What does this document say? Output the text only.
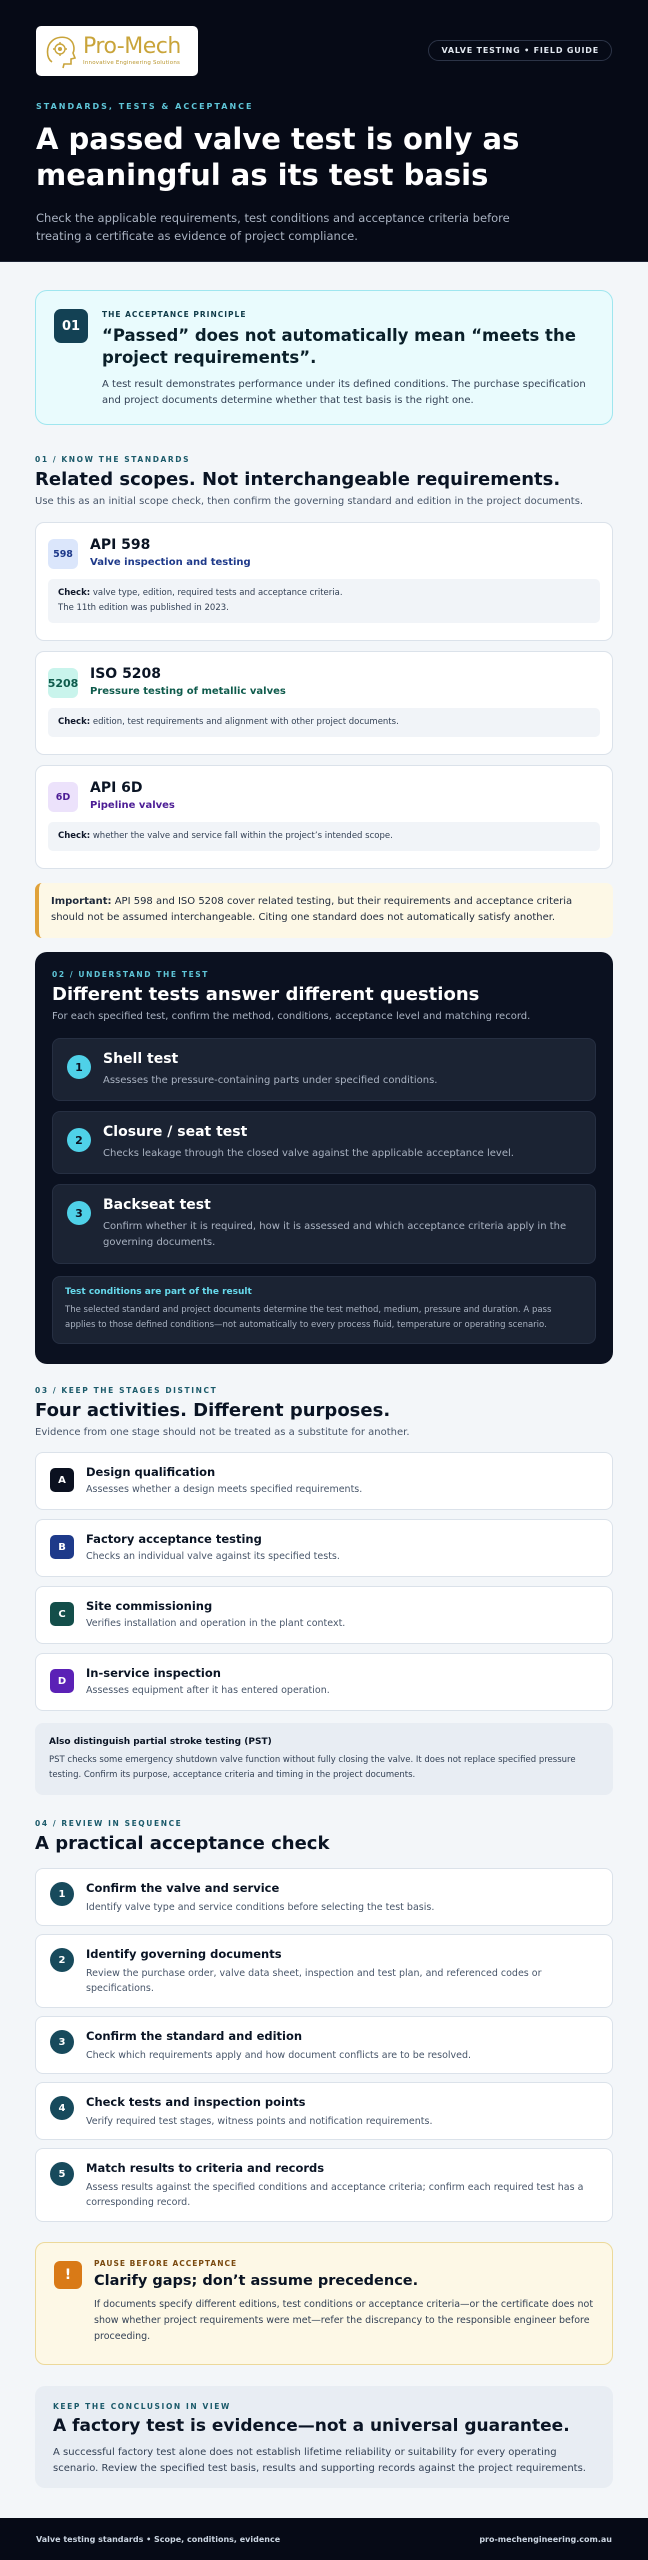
Pro-Mech
Innovative Engineering Solutions
VALVE TESTING • FIELD GUIDE
STANDARDS, TESTS & ACCEPTANCE
A passed valve test is only as meaningful as its test basis

Check the applicable requirements, test conditions and acceptance criteria before treating a certificate as evidence of project compliance.

01
THE ACCEPTANCE PRINCIPLE
“Passed” does not automatically mean “meets the project requirements”.
A test result demonstrates performance under its defined conditions. The purchase specification and project documents determine whether that test basis is the right one.
01 / KNOW THE STANDARDS
Related scopes. Not interchangeable requirements.

Use this as an initial scope check, then confirm the governing standard and edition in the project documents.

598
API 598
Valve inspection and testing
Check: valve type, edition, required tests and acceptance criteria.
The 11th edition was published in 2023.
5208
ISO 5208
Pressure testing of metallic valves
Check: edition, test requirements and alignment with other project documents.
6D
API 6D
Pipeline valves
Check: whether the valve and service fall within the project’s intended scope.
Important: API 598 and ISO 5208 cover related testing, but their requirements and acceptance criteria should not be assumed interchangeable. Citing one standard does not automatically satisfy another.
02 / UNDERSTAND THE TEST
Different tests answer different questions

For each specified test, confirm the method, conditions, acceptance level and matching record.

1	Shell test
Assesses the pressure-containing parts under specified conditions.
2	Closure / seat test
Checks leakage through the closed valve against the applicable acceptance level.
3	Backseat test
Confirm whether it is required, how it is assessed and which acceptance criteria apply in the governing documents.
Test conditions are part of the result
The selected standard and project documents determine the test method, medium, pressure and duration. A pass applies to those defined conditions—not automatically to every process fluid, temperature or operating scenario.
03 / KEEP THE STAGES DISTINCT
Four activities. Different purposes.

Evidence from one stage should not be treated as a substitute for another.

A
Design qualification
Assesses whether a design meets specified requirements.
B
Factory acceptance testing
Checks an individual valve against its specified tests.
C
Site commissioning
Verifies installation and operation in the plant context.
D
In-service inspection
Assesses equipment after it has entered operation.
Also distinguish partial stroke testing (PST)
PST checks some emergency shutdown valve function without fully closing the valve. It does not replace specified pressure testing. Confirm its purpose, acceptance criteria and timing in the project documents.
04 / REVIEW IN SEQUENCE
A practical acceptance check
1	Confirm the valve and service
Identify valve type and service conditions before selecting the test basis.
2	Identify governing documents
Review the purchase order, valve data sheet, inspection and test plan, and referenced codes or specifications.
3	Confirm the standard and edition
Check which requirements apply and how document conflicts are to be resolved.
4	Check tests and inspection points
Verify required test stages, witness points and notification requirements.
5	Match results to criteria and records
Assess results against the specified conditions and acceptance criteria; confirm each required test has a corresponding record.
!
PAUSE BEFORE ACCEPTANCE
Clarify gaps; don’t assume precedence.
If documents specify different editions, test conditions or acceptance criteria—or the certificate does not show whether project requirements were met—refer the discrepancy to the responsible engineer before proceeding.
KEEP THE CONCLUSION IN VIEW
A factory test is evidence—not a universal guarantee.
A successful factory test alone does not establish lifetime reliability or suitability for every operating scenario. Review the specified test basis, results and supporting records against the project requirements.
Valve testing standards • Scope, conditions, evidence	pro-mechengineering.com.au
